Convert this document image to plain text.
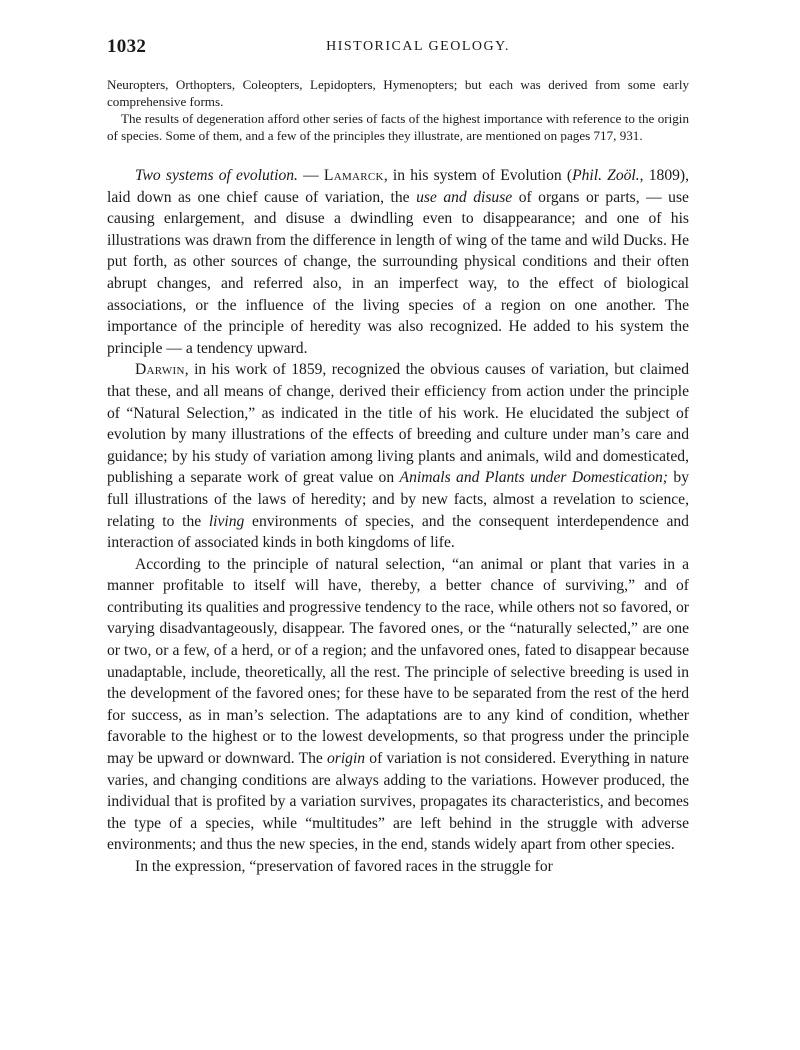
1032	HISTORICAL GEOLOGY.

Neuropters, Orthopters, Coleopters, Lepidopters, Hymenopters; but each was derived from some early comprehensive forms.

The results of degeneration afford other series of facts of the highest importance with reference to the origin of species. Some of them, and a few of the principles they illustrate, are mentioned on pages 717, 931.

Two systems of evolution. — Lamarck, in his system of Evolution (Phil. Zoöl., 1809), laid down as one chief cause of variation, the use and disuse of organs or parts, — use causing enlargement, and disuse a dwindling even to disappearance; and one of his illustrations was drawn from the difference in length of wing of the tame and wild Ducks. He put forth, as other sources of change, the surrounding physical conditions and their often abrupt changes, and referred also, in an imperfect way, to the effect of biological associations, or the influence of the living species of a region on one another. The importance of the principle of heredity was also recognized. He added to his system the principle — a tendency upward.

Darwin, in his work of 1859, recognized the obvious causes of variation, but claimed that these, and all means of change, derived their efficiency from action under the principle of “Natural Selection,” as indicated in the title of his work. He elucidated the subject of evolution by many illustrations of the effects of breeding and culture under man’s care and guidance; by his study of variation among living plants and animals, wild and domesticated, publishing a separate work of great value on Animals and Plants under Domestication; by full illustrations of the laws of heredity; and by new facts, almost a revelation to science, relating to the living environments of species, and the consequent interdependence and interaction of associated kinds in both kingdoms of life.

According to the principle of natural selection, “an animal or plant that varies in a manner profitable to itself will have, thereby, a better chance of surviving,” and of contributing its qualities and progressive tendency to the race, while others not so favored, or varying disadvantageously, disappear. The favored ones, or the “naturally selected,” are one or two, or a few, of a herd, or of a region; and the unfavored ones, fated to disappear because unadaptable, include, theoretically, all the rest. The principle of selective breeding is used in the development of the favored ones; for these have to be separated from the rest of the herd for success, as in man’s selection. The adaptations are to any kind of condition, whether favorable to the highest or to the lowest developments, so that progress under the principle may be upward or downward. The origin of variation is not considered. Everything in nature varies, and changing conditions are always adding to the variations. However produced, the individual that is profited by a variation survives, propagates its characteristics, and becomes the type of a species, while “multitudes” are left behind in the struggle with adverse environments; and thus the new species, in the end, stands widely apart from other species.

In the expression, “preservation of favored races in the struggle for
